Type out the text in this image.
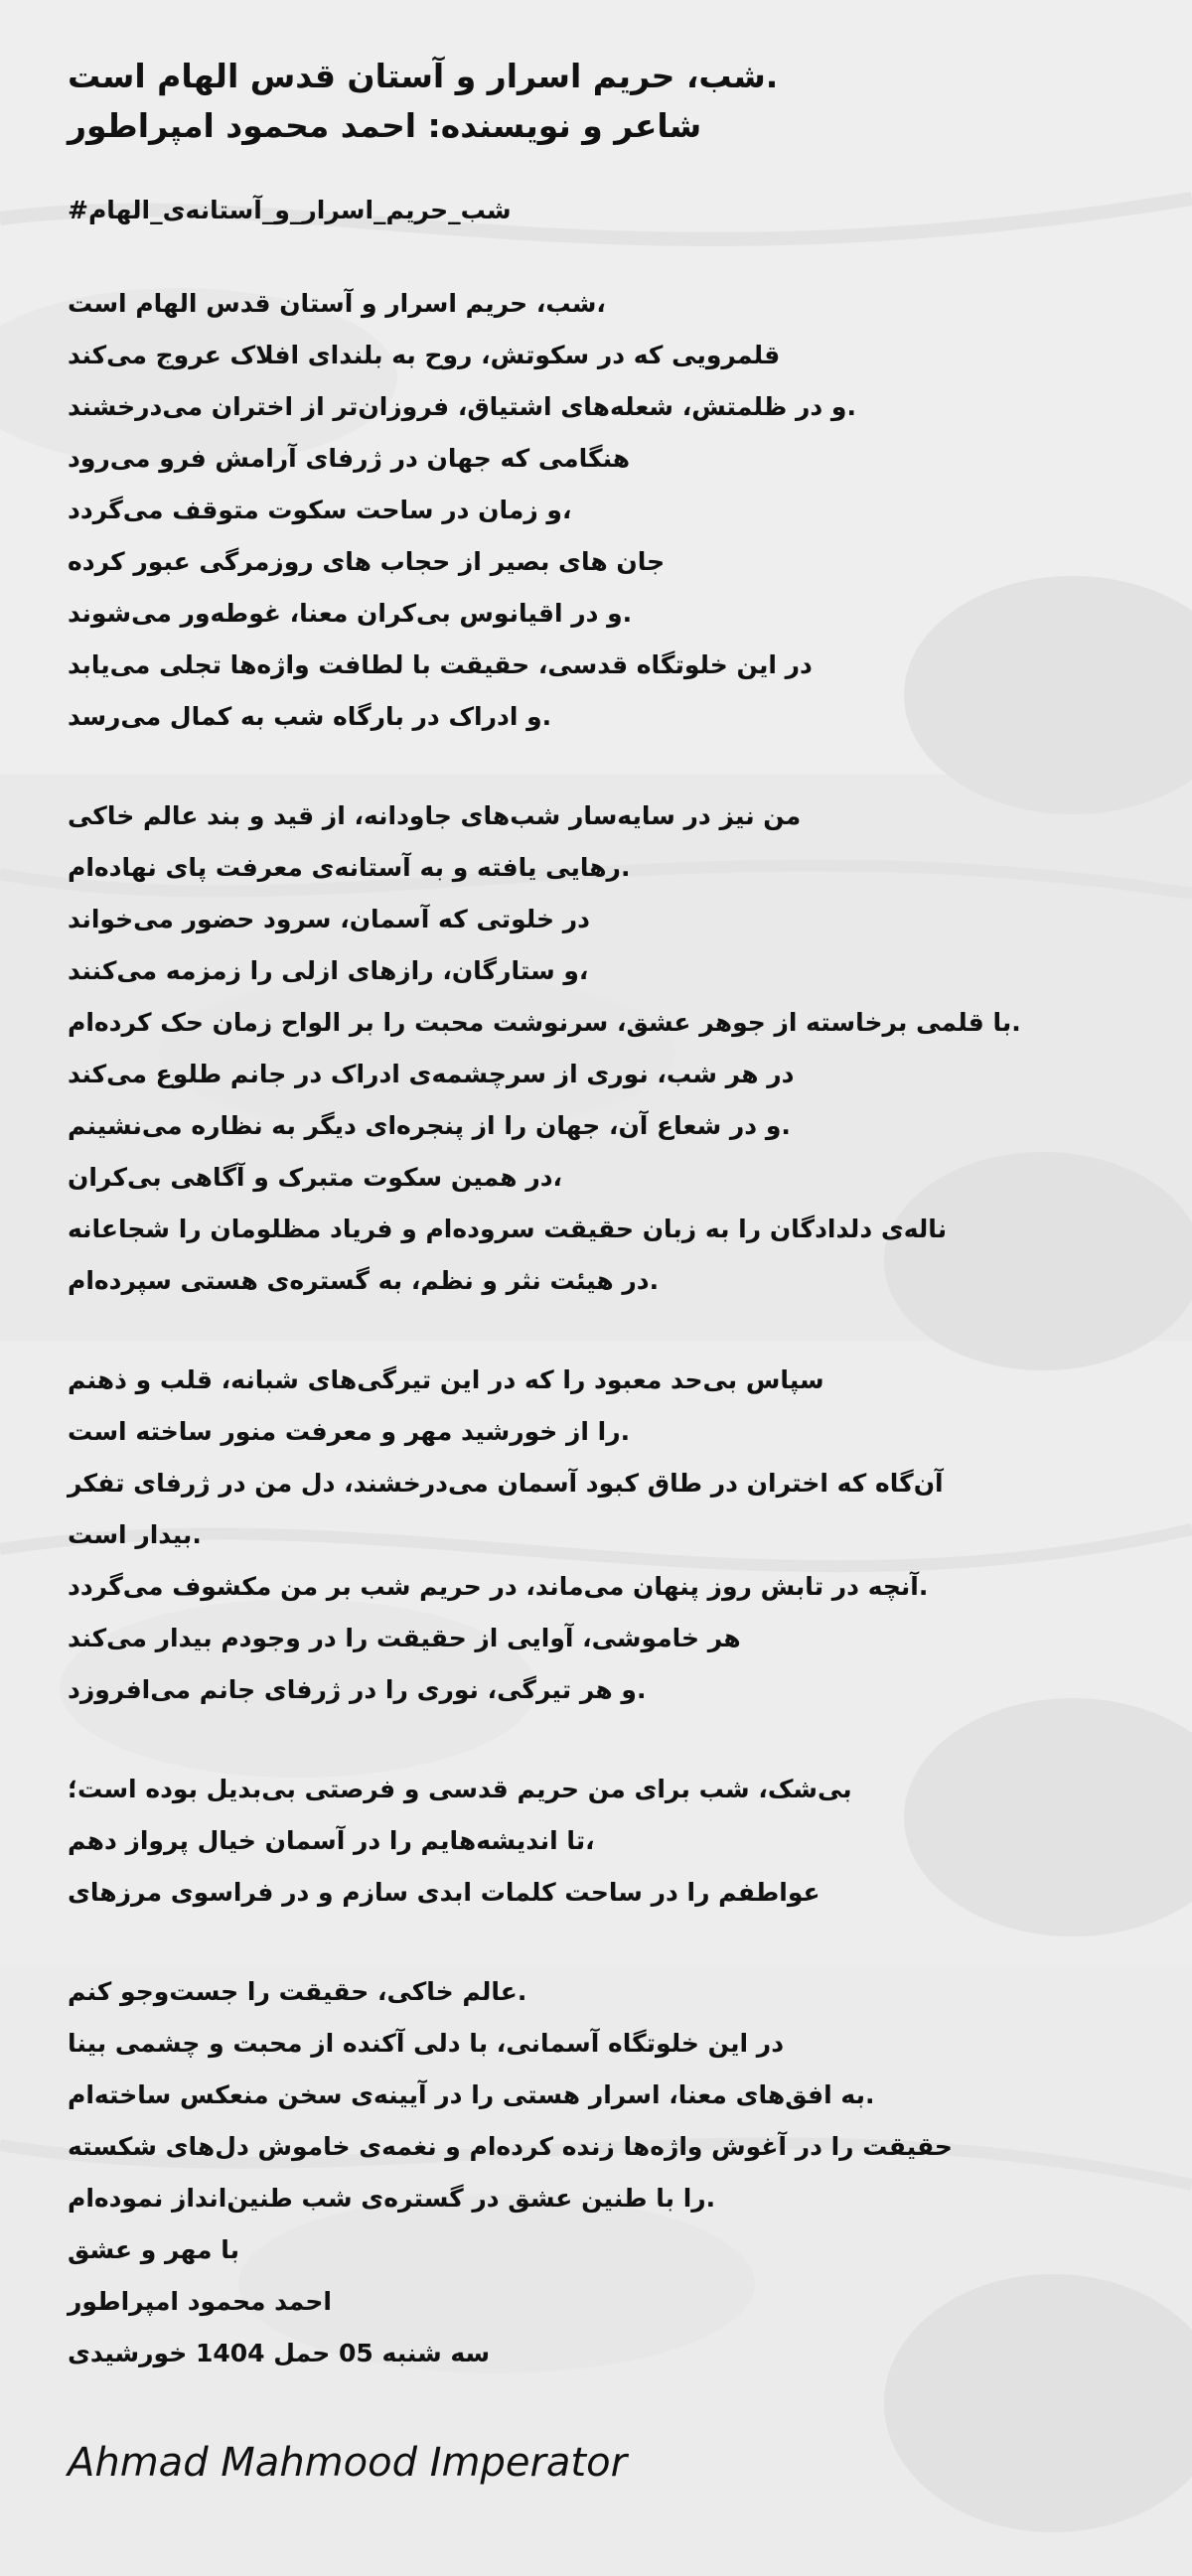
.شب، حریم اسرار و آستان قدس الهام است
شاعر و نویسنده: احمد محمود امپراطور
شب_حریم_اسرار_و_آستانه‌ی_الهام#
،شب، حریم اسرار و آستان قدس الهام است
قلمرویی که در سکوتش، روح به بلندای افلاک عروج می‌کند
.و در ظلمتش، شعله‌های اشتیاق، فروزان‌تر از اختران می‌درخشند
هنگامی که جهان در ژرفای آرامش فرو می‌رود
،و زمان در ساحت سکوت متوقف می‌گردد
جان های بصیر از حجاب های روزمرگی عبور کرده
.و در اقیانوس بی‌کران معنا، غوطه‌ور می‌شوند
در این خلوتگاه قدسی، حقیقت با لطافت واژه‌ها تجلی می‌یابد
.و ادراک در بارگاه شب به کمال می‌رسد
من نیز در سایه‌سار شب‌های جاودانه، از قید و بند عالم خاکی
.رهایی یافته و به آستانه‌ی معرفت پای نهاده‌ام
در خلوتی که آسمان، سرود حضور می‌خواند
،و ستارگان، رازهای ازلی را زمزمه می‌کنند
.با قلمی برخاسته از جوهر عشق، سرنوشت محبت را بر الواح زمان حک کرده‌ام
در هر شب، نوری از سرچشمه‌ی ادراک در جانم طلوع می‌کند
.و در شعاع آن، جهان را از پنجره‌ای دیگر به نظاره می‌نشینم
،در همین سکوت متبرک و آگاهی بی‌کران
ناله‌ی دلدادگان را به زبان حقیقت سروده‌ام و فریاد مظلومان را شجاعانه
.در هیئت نثر و نظم، به گستره‌ی هستی سپرده‌ام
سپاس بی‌حد معبود را که در این تیرگی‌های شبانه، قلب و ذهنم
.را از خورشید مهر و معرفت منور ساخته است
آن‌گاه که اختران در طاق کبود آسمان می‌درخشند، دل من در ژرفای تفکر
.بیدار است
.آنچه در تابش روز پنهان می‌ماند، در حریم شب بر من مکشوف می‌گردد
هر خاموشی، آوایی از حقیقت را در وجودم بیدار می‌کند
.و هر تیرگی، نوری را در ژرفای جانم می‌افروزد
بی‌شک، شب برای من حریم قدسی و فرصتی بی‌بدیل بوده است؛
،تا اندیشه‌هایم را در آسمان خیال پرواز دهم
عواطفم را در ساحت کلمات ابدی سازم و در فراسوی مرزهای
.عالم خاکی، حقیقت را جست‌وجو کنم
در این خلوتگاه آسمانی، با دلی آکنده از محبت و چشمی بینا
.به افق‌های معنا، اسرار هستی را در آیینه‌ی سخن منعکس ساخته‌ام
حقیقت را در آغوش واژه‌ها زنده کرده‌ام و نغمه‌ی خاموش دل‌های شکسته
.را با طنین عشق در گستره‌ی شب طنین‌انداز نموده‌ام
با مهر و عشق
احمد محمود امپراطور
سه شنبه 05 حمل 1404 خورشیدی
Ahmad Mahmood Imperator
